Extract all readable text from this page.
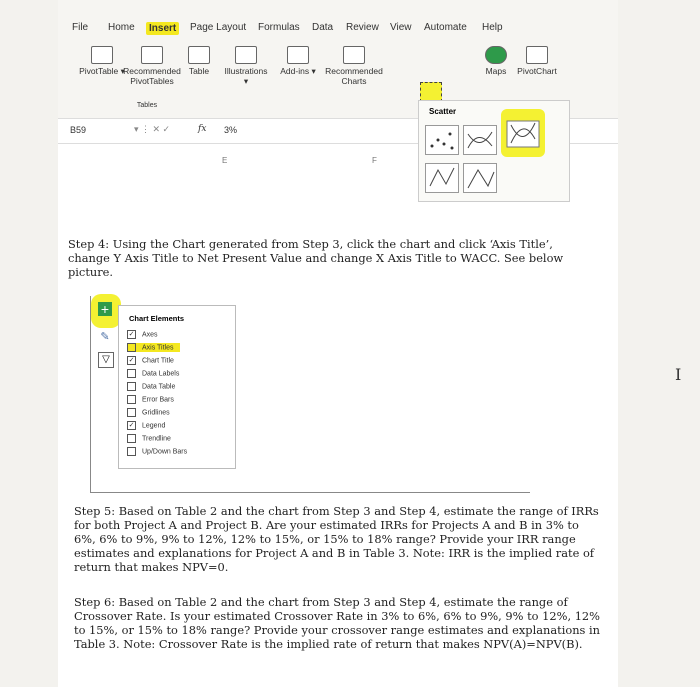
File Home	Insert	Page Layout Formulas Data Review View Automate Help
PivotTable ▾
Recommended PivotTables
Table	Illustrations
▾
Add-ins ▾	Recommended Charts
Maps	PivotChart
Tables
B59	▾ ⋮ ✕ ✓	fx 3%
E	F
Scatter
Step 4: Using the Chart generated from Step 3, click the chart and click ‘Axis Title’, change Y Axis Title to Net Present Value and change X Axis Title to WACC. See below picture.
+
✎
▽
Chart Elements
✓ Axes
Axis Titles
✓ Chart Title
Data Labels
Data Table
Error Bars
Gridlines
✓ Legend
Trendline
Up/Down Bars
Step 5: Based on Table 2 and the chart from Step 3 and Step 4, estimate the range of IRRs for both Project A and Project B. Are your estimated IRRs for Projects A and B in 3% to 6%, 6% to 9%, 9% to 12%, 12% to 15%, or 15% to 18% range? Provide your IRR range estimates and explanations for Project A and B in Table 3. Note: IRR is the implied rate of return that makes NPV=0.
Step 6: Based on Table 2 and the chart from Step 3 and Step 4, estimate the range of Crossover Rate. Is your estimated Crossover Rate in 3% to 6%, 6% to 9%, 9% to 12%, 12% to 15%, or 15% to 18% range? Provide your crossover range estimates and explanations in Table 3. Note: Crossover Rate is the implied rate of return that makes NPV(A)=NPV(B).
I
